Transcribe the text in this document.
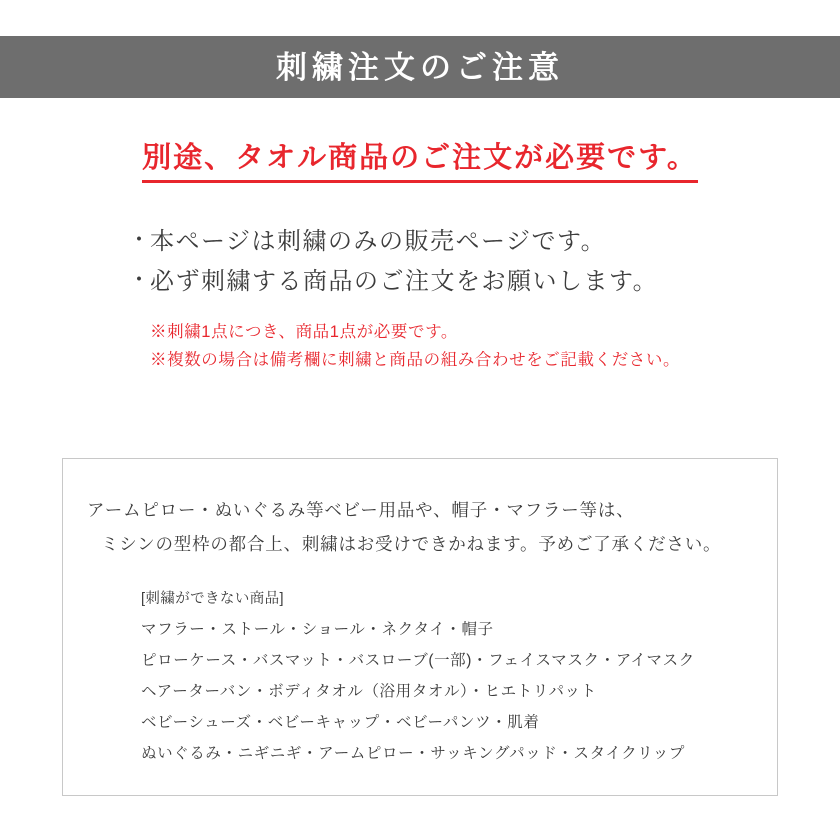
刺繍注文のご注意
別途、タオル商品のご注文が必要です。
・
本ページは刺繍のみの販売ページです。
・
必ず刺繍する商品のご注文をお願いします。
※刺繍1点につき、商品1点が必要です。
※複数の場合は備考欄に刺繍と商品の組み合わせをご記載ください。
アームピロー・ぬいぐるみ等ベビー用品や、帽子・マフラー等は、
ミシンの型枠の都合上、刺繍はお受けできかねます。予めご了承ください。
[刺繍ができない商品]
マフラー・ストール・ショール・ネクタイ・帽子
ピローケース・バスマット・バスローブ(一部)・フェイスマスク・アイマスク
ヘアーターバン・ボディタオル（浴用タオル）・ヒエトリパット
ベビーシューズ・ベビーキャップ・ベビーパンツ・肌着
ぬいぐるみ・ニギニギ・アームピロー・サッキングパッド・スタイクリップ
